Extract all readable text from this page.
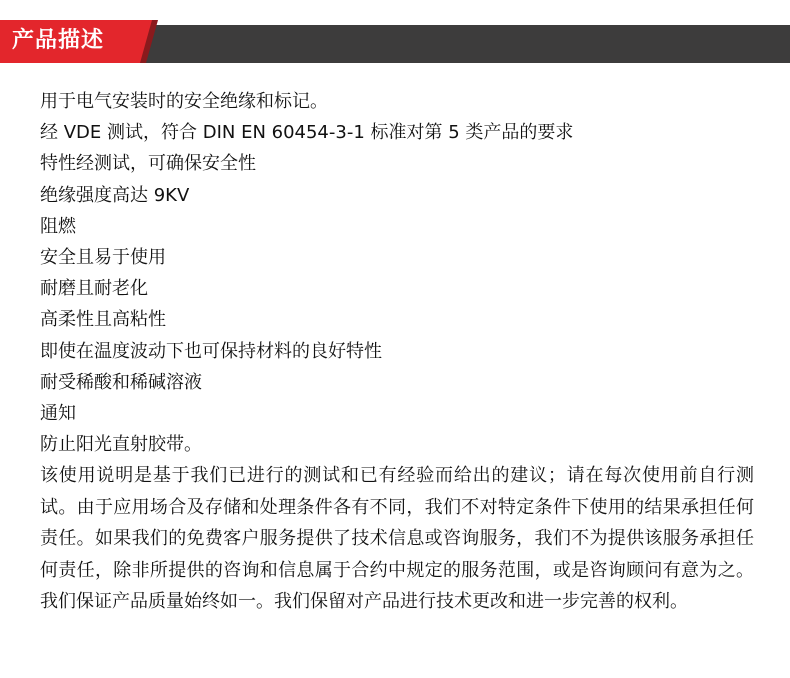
产品描述
用于电气安装时的安全绝缘和标记。
经 VDE 测试，符合 DIN EN 60454-3-1 标准对第 5 类产品的要求
特性经测试，可确保安全性
绝缘强度高达 9KV
阻燃
安全且易于使用
耐磨且耐老化
高柔性且高粘性
即使在温度波动下也可保持材料的良好特性
耐受稀酸和稀碱溶液
通知
防止阳光直射胶带。

该使用说明是基于我们已进行的测试和已有经验而给出的建议；请在每次使用前自行测试。由于应用场合及存储和处理条件各有不同，我们不对特定条件下使用的结果承担任何责任。如果我们的免费客户服务提供了技术信息或咨询服务，我们不为提供该服务承担任何责任，除非所提供的咨询和信息属于合约中规定的服务范围，或是咨询顾问有意为之。我们保证产品质量始终如一。我们保留对产品进行技术更改和进一步完善的权利。
